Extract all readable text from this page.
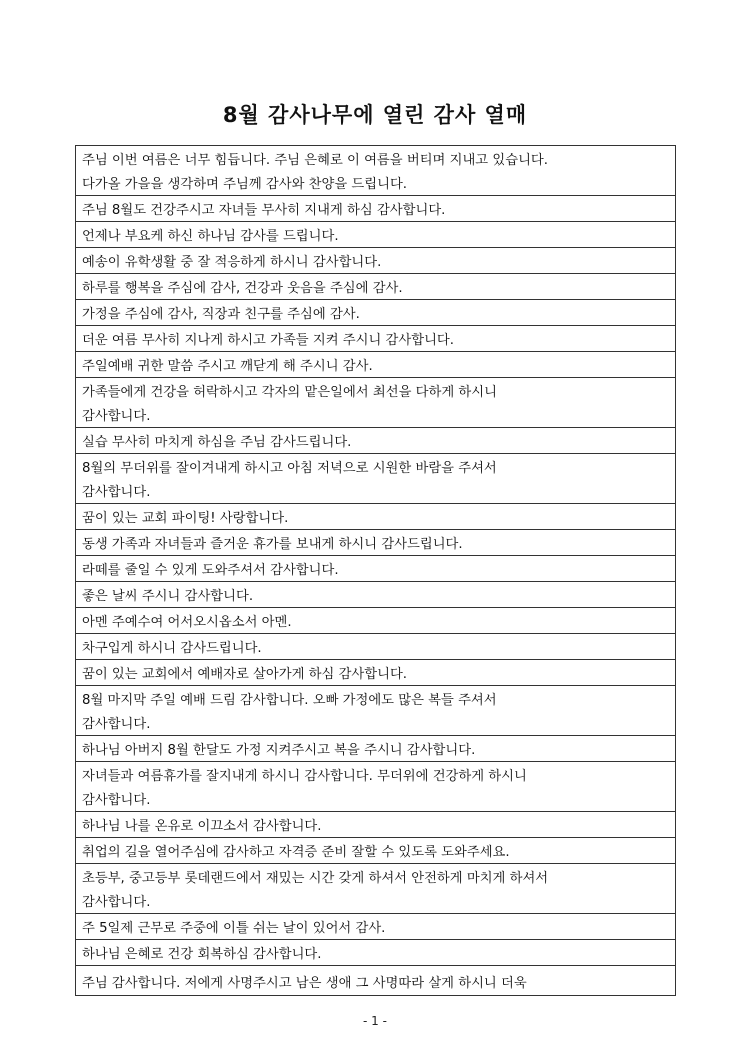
8월 감사나무에 열린 감사 열매
주님 이번 여름은 너무 힘듭니다. 주님 은혜로 이 여름을 버티며 지내고 있습니다.
다가올 가을을 생각하며 주님께 감사와 찬양을 드립니다.
주님 8월도 건강주시고 자녀들 무사히 지내게 하심 감사합니다.
언제나 부요케 하신 하나님 감사를 드립니다.
예송이 유학생활 중 잘 적응하게 하시니 감사합니다.
하루를 행복을 주심에 감사, 건강과 웃음을 주심에 감사.
가정을 주심에 감사, 직장과 친구를 주심에 감사.
더운 여름 무사히 지나게 하시고 가족들 지켜 주시니 감사합니다.
주일예배 귀한 말씀 주시고 깨닫게 해 주시니 감사.
가족들에게 건강을 허락하시고 각자의 맡은일에서 최선을 다하게 하시니
감사합니다.
실습 무사히 마치게 하심을 주님 감사드립니다.
8월의 무더위를 잘이겨내게 하시고 아침 저녁으로 시원한 바람을 주셔서
감사합니다.
꿈이 있는 교회 파이팅! 사랑합니다.
동생 가족과 자녀들과 즐거운 휴가를 보내게 하시니 감사드립니다.
라떼를 줄일 수 있게 도와주셔서 감사합니다.
좋은 날씨 주시니 감사합니다.
아멘 주예수여 어서오시옵소서 아멘.
차구입게 하시니 감사드립니다.
꿈이 있는 교회에서 예배자로 살아가게 하심 감사합니다.
8월 마지막 주일 예배 드림 감사합니다. 오빠 가정에도 많은 복들 주셔서
감사합니다.
하나님 아버지 8월 한달도 가정 지켜주시고 복을 주시니 감사합니다.
자녀들과 여름휴가를 잘지내게 하시니 감사합니다. 무더위에 건강하게 하시니
감사합니다.
하나님 나를 온유로 이끄소서 감사합니다.
취업의 길을 열어주심에 감사하고 자격증 준비 잘할 수 있도록 도와주세요.
초등부, 중고등부 롯데랜드에서 재밌는 시간 갖게 하셔서 안전하게 마치게 하셔서
감사합니다.
주 5일제 근무로 주중에 이틀 쉬는 날이 있어서 감사.
하나님 은혜로 건강 회복하심 감사합니다.
주님 감사합니다. 저에게 사명주시고 남은 생애 그 사명따라 살게 하시니 더욱
- 1 -
